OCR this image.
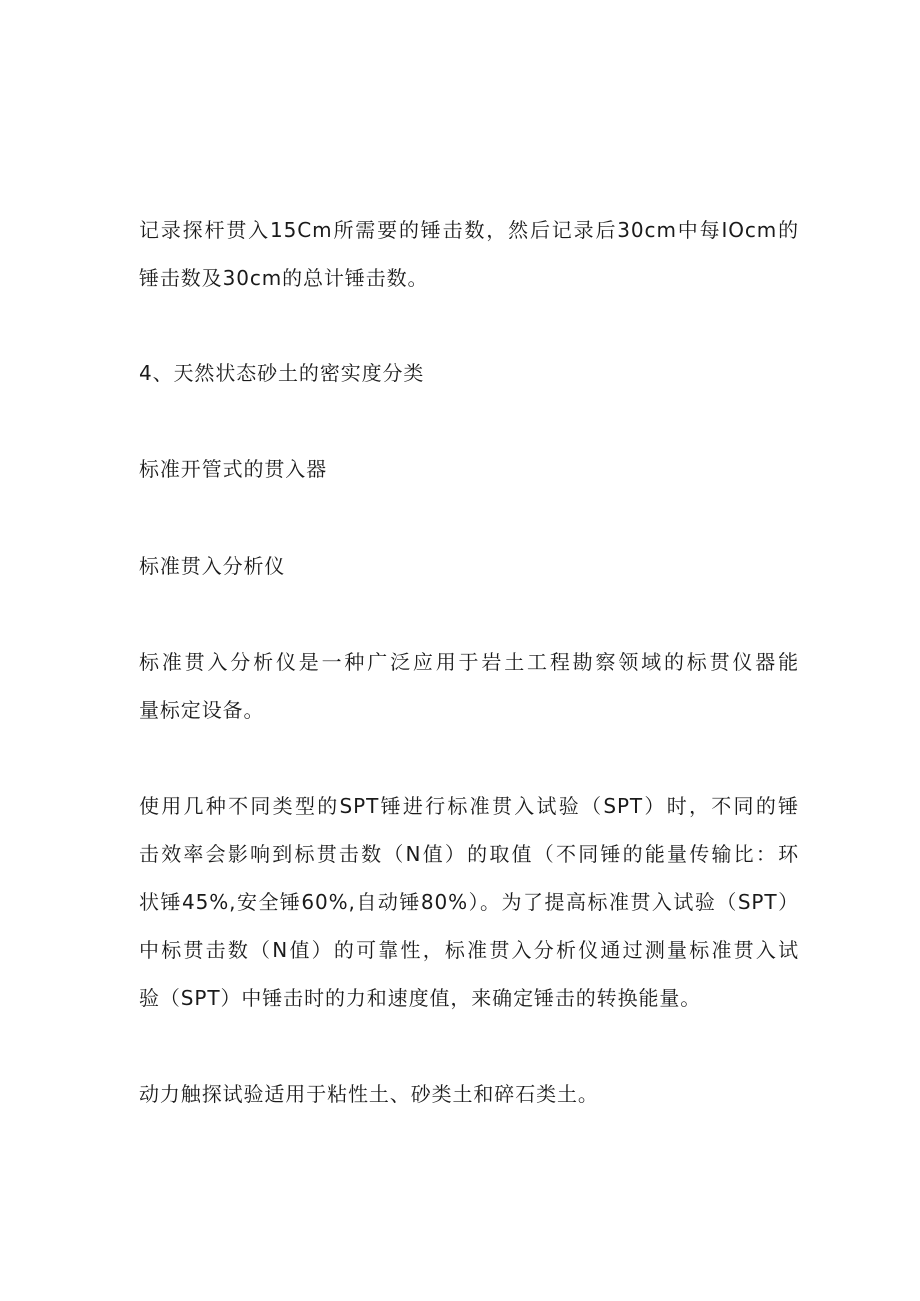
记录探杆贯入15Cm所需要的锤击数，然后记录后30cm中每IOcm的
锤击数及30cm的总计锤击数。
4、天然状态砂土的密实度分类
标准开管式的贯入器
标准贯入分析仪
标准贯入分析仪是一种广泛应用于岩土工程勘察领域的标贯仪器能
量标定设备。
使用几种不同类型的SPT锤进行标准贯入试验（SPT）时，不同的锤
击效率会影响到标贯击数（N值）的取值（不同锤的能量传输比：环
状锤45%,安全锤60%,自动锤80%）。为了提高标准贯入试验（SPT）
中标贯击数（N值）的可靠性，标准贯入分析仪通过测量标准贯入试
验（SPT）中锤击时的力和速度值，来确定锤击的转换能量。
动力触探试验适用于粘性土、砂类土和碎石类土。
